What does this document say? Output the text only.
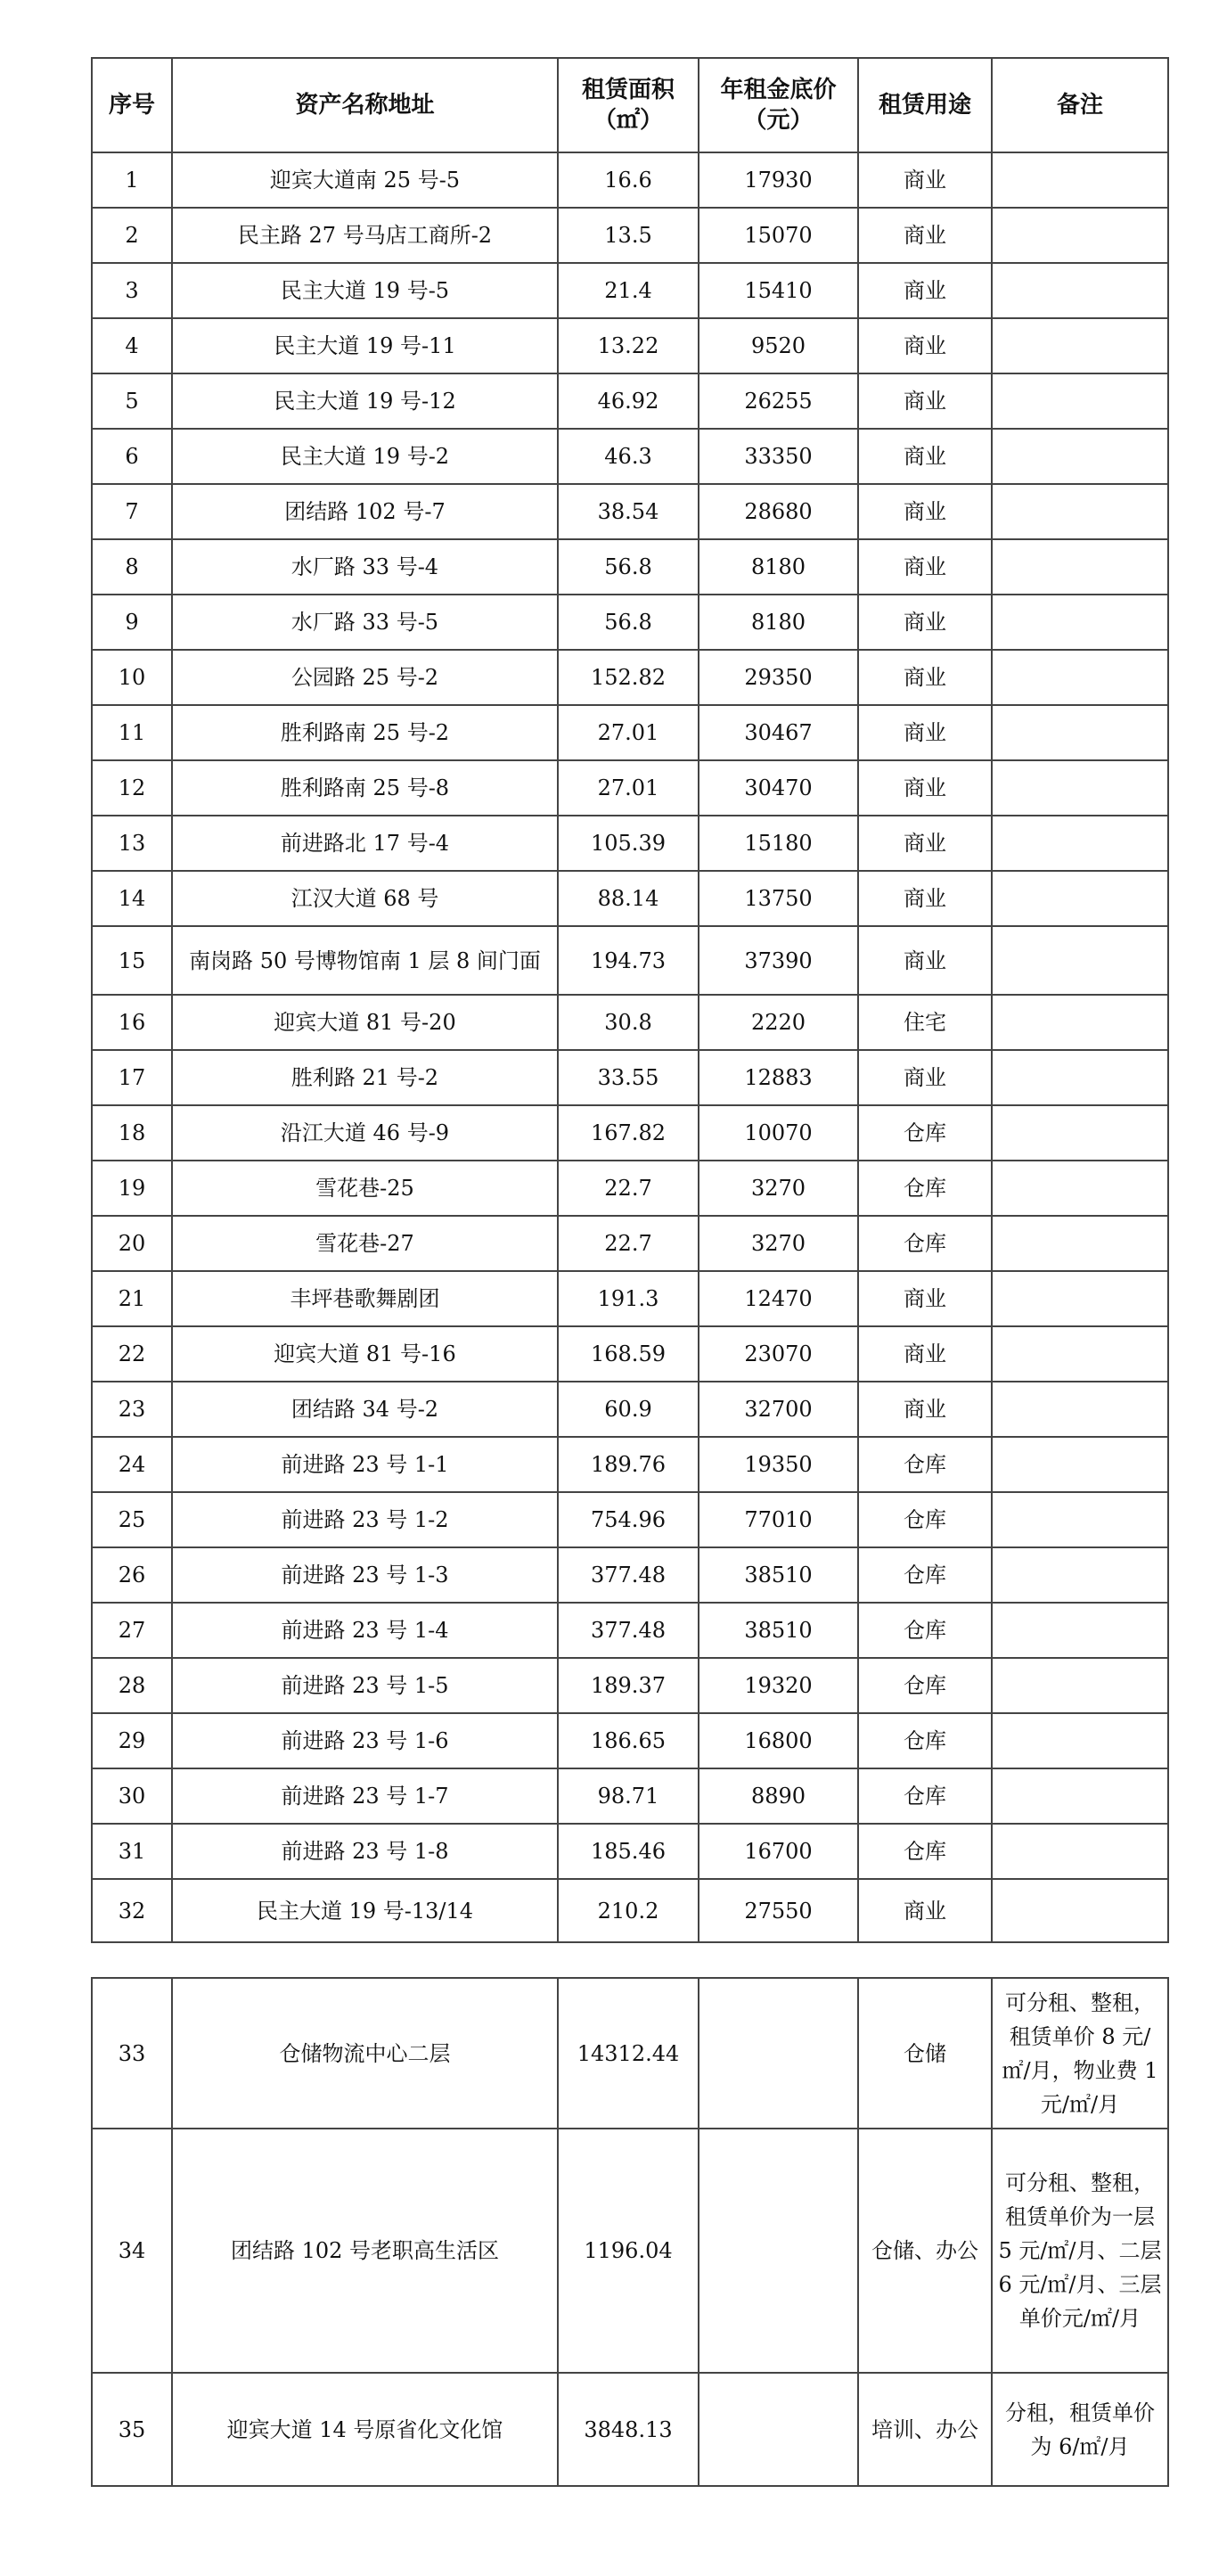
序号	资产名称地址	租赁面积（㎡）	年租金底价（元）	租赁用途	备注
1	迎宾大道南 25 号-5	16.6	17930	商业	
2	民主路 27 号马店工商所-2	13.5	15070	商业	
3	民主大道 19 号-5	21.4	15410	商业	
4	民主大道 19 号-11	13.22	9520	商业	
5	民主大道 19 号-12	46.92	26255	商业	
6	民主大道 19 号-2	46.3	33350	商业	
7	团结路 102 号-7	38.54	28680	商业	
8	水厂路 33 号-4	56.8	8180	商业	
9	水厂路 33 号-5	56.8	8180	商业	
10	公园路 25 号-2	152.82	29350	商业	
11	胜利路南 25 号-2	27.01	30467	商业	
12	胜利路南 25 号-8	27.01	30470	商业	
13	前进路北 17 号-4	105.39	15180	商业	
14	江汉大道 68 号	88.14	13750	商业	
15	南岗路 50 号博物馆南 1 层 8 间门面	194.73	37390	商业	
16	迎宾大道 81 号-20	30.8	2220	住宅	
17	胜利路 21 号-2	33.55	12883	商业	
18	沿江大道 46 号-9	167.82	10070	仓库	
19	雪花巷-25	22.7	3270	仓库	
20	雪花巷-27	22.7	3270	仓库	
21	丰坪巷歌舞剧团	191.3	12470	商业	
22	迎宾大道 81 号-16	168.59	23070	商业	
23	团结路 34 号-2	60.9	32700	商业	
24	前进路 23 号 1-1	189.76	19350	仓库	
25	前进路 23 号 1-2	754.96	77010	仓库	
26	前进路 23 号 1-3	377.48	38510	仓库	
27	前进路 23 号 1-4	377.48	38510	仓库	
28	前进路 23 号 1-5	189.37	19320	仓库	
29	前进路 23 号 1-6	186.65	16800	仓库	
30	前进路 23 号 1-7	98.71	8890	仓库	
31	前进路 23 号 1-8	185.46	16700	仓库	
32	民主大道 19 号-13/14	210.2	27550	商业	
33	仓储物流中心二层	14312.44		仓储	可分租、整租，租赁单价 8 元/㎡/月，物业费 1 元/㎡/月
34	团结路 102 号老职高生活区	1196.04		仓储、办公	可分租、整租，租赁单价为一层 5 元/㎡/月、二层 6 元/㎡/月、三层单价元/㎡/月
35	迎宾大道 14 号原省化文化馆	3848.13		培训、办公	分租，租赁单价为 6/㎡/月
